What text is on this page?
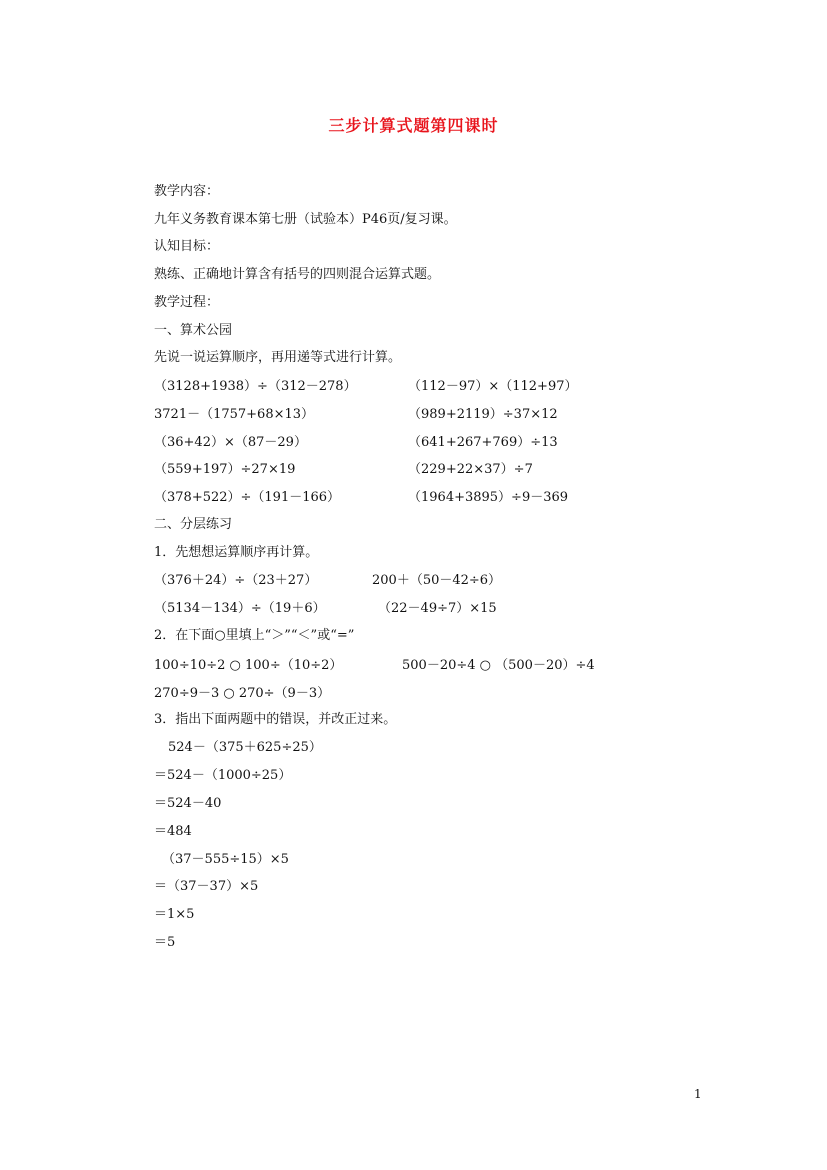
三步计算式题第四课时
教学内容：
九年义务教育课本第七册（试验本）P46页/复习课。
认知目标：
熟练、正确地计算含有括号的四则混合运算式题。
教学过程：
一、算术公园
先说一说运算顺序，再用递等式进行计算。
（3128+1938）÷（312－278）	（112－97）×（112+97）
3721－（1757+68×13）	（989+2119）÷37×12
（36+42）×（87－29）	（641+267+769）÷13
（559+197）÷27×19	（229+22×37）÷7
（378+522）÷（191－166）	（1964+3895）÷9－369
二、分层练习
1．先想想运算顺序再计算。
（376＋24）÷（23＋27）	200＋（50－42÷6）
（5134－134）÷（19＋6）	（22－49÷7）×15
2．在下面○里填上“＞”“＜”或“=”
100÷10÷2 ○ 100÷（10÷2）	500－20÷4 ○ （500－20）÷4
270÷9－3 ○ 270÷（9－3）
3．指出下面两题中的错误，并改正过来。
524－（375＋625÷25）
＝524－（1000÷25）
＝524－40
＝484
（37－555÷15）×5
＝（37－37）×5
＝1×5
＝5
1
